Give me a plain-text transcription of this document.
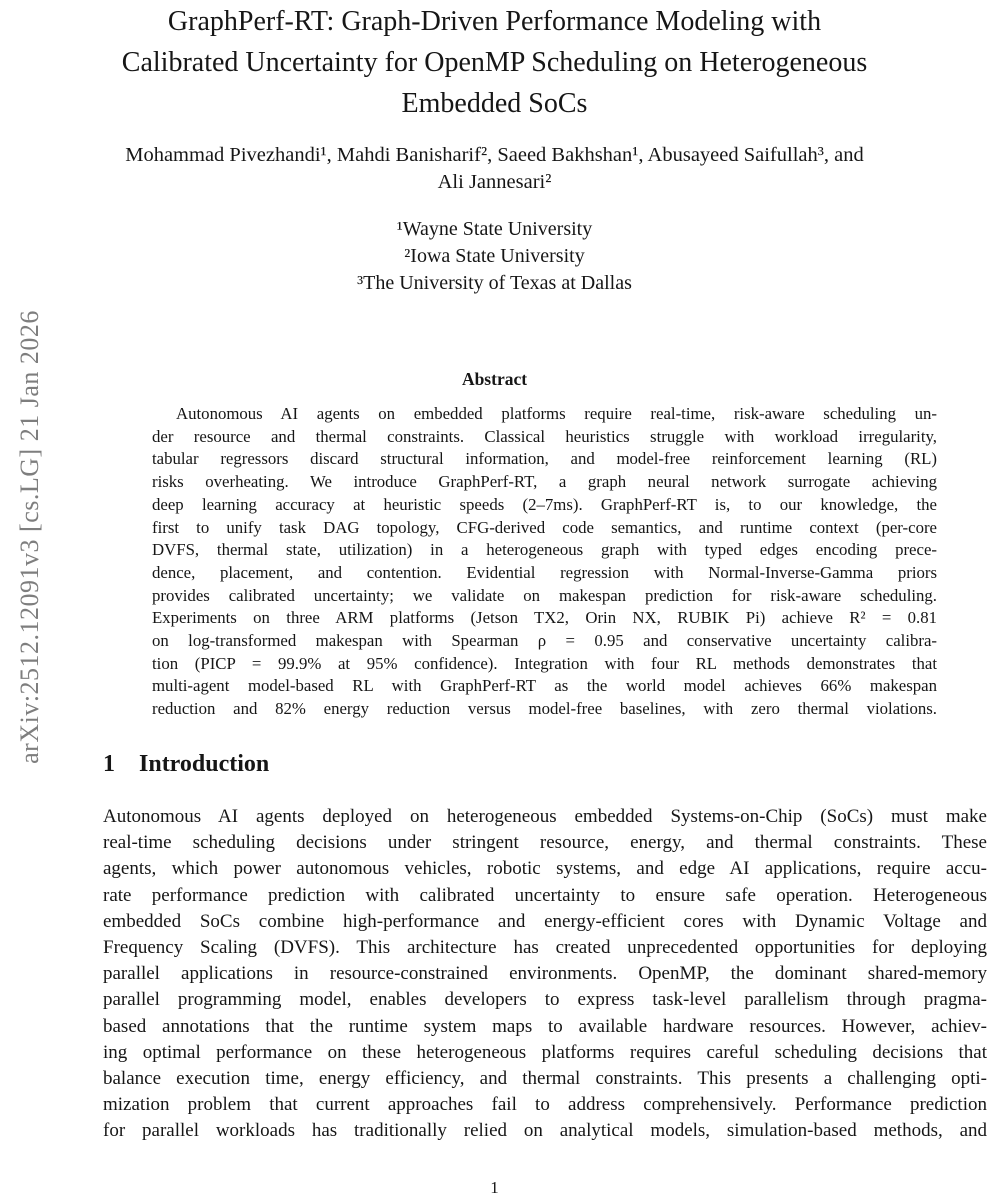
arXiv:2512.12091v3 [cs.LG] 21 Jan 2026
GraphPerf-RT: Graph-Driven Performance Modeling with
Calibrated Uncertainty for OpenMP Scheduling on Heterogeneous
Embedded SoCs
Mohammad Pivezhandi¹, Mahdi Banisharif², Saeed Bakhshan¹, Abusayeed Saifullah³, and
Ali Jannesari²
¹Wayne State University
²Iowa State University
³The University of Texas at Dallas
Abstract
Autonomous AI agents on embedded platforms require real-time, risk-aware scheduling un-
der resource and thermal constraints. Classical heuristics struggle with workload irregularity,
tabular regressors discard structural information, and model-free reinforcement learning (RL)
risks overheating. We introduce GraphPerf-RT, a graph neural network surrogate achieving
deep learning accuracy at heuristic speeds (2–7ms). GraphPerf-RT is, to our knowledge, the
first to unify task DAG topology, CFG-derived code semantics, and runtime context (per-core
DVFS, thermal state, utilization) in a heterogeneous graph with typed edges encoding prece-
dence, placement, and contention. Evidential regression with Normal-Inverse-Gamma priors
provides calibrated uncertainty; we validate on makespan prediction for risk-aware scheduling.
Experiments on three ARM platforms (Jetson TX2, Orin NX, RUBIK Pi) achieve R² = 0.81
on log-transformed makespan with Spearman ρ = 0.95 and conservative uncertainty calibra-
tion (PICP = 99.9% at 95% confidence). Integration with four RL methods demonstrates that
multi-agent model-based RL with GraphPerf-RT as the world model achieves 66% makespan
reduction and 82% energy reduction versus model-free baselines, with zero thermal violations.
1 Introduction
Autonomous AI agents deployed on heterogeneous embedded Systems-on-Chip (SoCs) must make
real-time scheduling decisions under stringent resource, energy, and thermal constraints. These
agents, which power autonomous vehicles, robotic systems, and edge AI applications, require accu-
rate performance prediction with calibrated uncertainty to ensure safe operation. Heterogeneous
embedded SoCs combine high-performance and energy-efficient cores with Dynamic Voltage and
Frequency Scaling (DVFS). This architecture has created unprecedented opportunities for deploying
parallel applications in resource-constrained environments. OpenMP, the dominant shared-memory
parallel programming model, enables developers to express task-level parallelism through pragma-
based annotations that the runtime system maps to available hardware resources. However, achiev-
ing optimal performance on these heterogeneous platforms requires careful scheduling decisions that
balance execution time, energy efficiency, and thermal constraints. This presents a challenging opti-
mization problem that current approaches fail to address comprehensively. Performance prediction
for parallel workloads has traditionally relied on analytical models, simulation-based methods, and
1
